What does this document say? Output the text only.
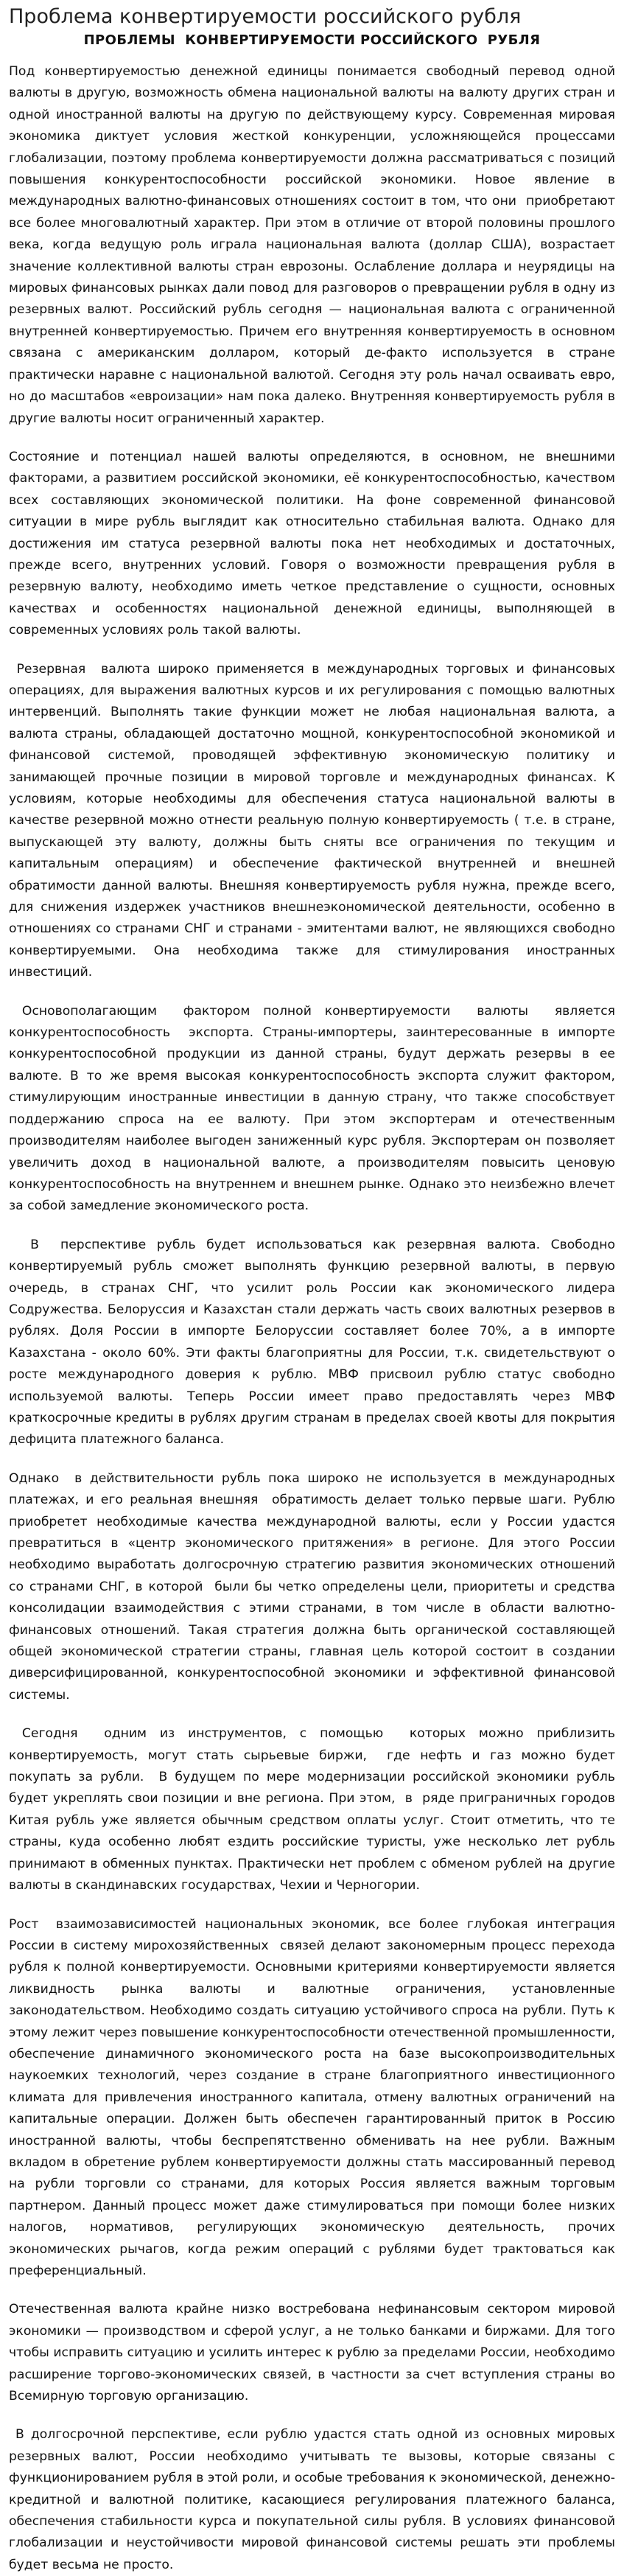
Проблема конвертируемости российского рубля
ПРОБЛЕМЫ  КОНВЕРТИРУЕМОСТИ РОССИЙСКОГО  РУБЛЯ

Под конвертируемостью денежной единицы понимается свободный перевод одной валюты в другую, возможность обмена национальной валюты на валюту других стран и одной иностранной валюты на другую по действующему курсу. Современная мировая экономика диктует условия жесткой конкуренции, усложняющейся процессами глобализации, поэтому проблема конвертируемости должна рассматриваться с позиций повышения конкурентоспособности российской экономики. Новое явление в международных валютно-финансовых отношениях состоит в том, что они  приобретают все более многовалютный характер. При этом в отличие от второй половины прошлого века, когда ведущую роль играла национальная валюта (доллар США), возрастает значение коллективной валюты стран еврозоны. Ослабление доллара и неурядицы на мировых финансовых рынках дали повод для разговоров о превращении рубля в одну из резервных валют. Российский рубль сегодня — национальная валюта с ограниченной внутренней конвертируемостью. Причем его внутренняя конвертируемость в основном связана с американским долларом, который де-факто используется в стране практически наравне с национальной валютой. Сегодня эту роль начал осваивать евро, но до масштабов «евроизации» нам пока далеко. Внутренняя конвертируемость рубля в другие валюты носит ограниченный характер.

Состояние и потенциал нашей валюты определяются, в основном, не внешними факторами, а развитием российской экономики, её конкурентоспособностью, качеством всех составляющих экономической политики. На фоне современной финансовой ситуации в мире рубль выглядит как относительно стабильная валюта. Однако для достижения им статуса резервной валюты пока нет необходимых и достаточных, прежде всего, внутренних условий. Говоря о возможности превращения рубля в резервную валюту, необходимо иметь четкое представление о сущности, основных качествах и особенностях национальной денежной единицы, выполняющей в современных условиях роль такой валюты.

Резервная  валюта широко применяется в международных торговых и финансовых операциях, для выражения валютных курсов и их регулирования с помощью валютных интервенций. Выполнять такие функции может не любая национальная валюта, а валюта страны, обладающей достаточно мощной, конкурентоспособной экономикой и финансовой системой, проводящей эффективную экономическую политику и занимающей прочные позиции в мировой торговле и международных финансах. К условиям, которые необходимы для обеспечения статуса национальной валюты в качестве резервной можно отнести реальную полную конвертируемость ( т.е. в стране, выпускающей эту валюту, должны быть сняты все ограничения по текущим и капитальным операциям) и обеспечение фактической внутренней и внешней обратимости данной валюты. Внешняя конвертируемость рубля нужна, прежде всего, для снижения издержек участников внешнеэкономической деятельности, особенно в отношениях со странами СНГ и странами - эмитентами валют, не являющихся свободно конвертируемыми. Она необходима также для стимулирования иностранных инвестиций.

Основополагающим  фактором полной конвертируемости  валюты  является конкурентоспособность  экспорта. Страны-импортеры, заинтересованные в импорте конкурентоспособной продукции из данной страны, будут держать резервы в ее валюте. В то же время высокая конкурентоспособность экспорта служит фактором, стимулирующим иностранные инвестиции в данную страну, что также способствует поддержанию спроса на ее валюту. При этом экспортерам и отечественным производителям наиболее выгоден заниженный курс рубля. Экспортерам он позволяет увеличить доход в национальной валюте, а производителям повысить ценовую конкурентоспособность на внутреннем и внешнем рынке. Однако это неизбежно влечет за собой замедление экономического роста.

В  перспективе рубль будет использоваться как резервная валюта. Свободно конвертируемый рубль сможет выполнять функцию резервной валюты, в первую очередь, в странах СНГ, что усилит роль России как экономического лидера Содружества. Белоруссия и Казахстан стали держать часть своих валютных резервов в рублях. Доля России в импорте Белоруссии составляет более 70%, а в импорте Казахстана - около 60%. Эти факты благоприятны для России, т.к. свидетельствуют о росте международного доверия к рублю. МВФ присвоил рублю статус свободно используемой валюты. Теперь России имеет право предоставлять через МВФ краткосрочные кредиты в рублях другим странам в пределах своей квоты для покрытия дефицита платежного баланса.

Однако  в действительности рубль пока широко не используется в международных платежах, и его реальная внешняя  обратимость делает только первые шаги. Рублю приобретет необходимые качества международной валюты, если у России удастся превратиться в «центр экономического притяжения» в регионе. Для этого России необходимо выработать долгосрочную стратегию развития экономических отношений со странами СНГ, в которой  были бы четко определены цели, приоритеты и средства консолидации взаимодействия с этими странами, в том числе в области валютно-финансовых отношений. Такая стратегия должна быть органической составляющей общей экономической стратегии страны, главная цель которой состоит в создании диверсифицированной, конкурентоспособной экономики и эффективной финансовой системы.

Сегодня  одним из инструментов, с помощью  которых можно приблизить конвертируемость, могут стать сырьевые биржи,  где нефть и газ можно будет покупать за рубли.  В будущем по мере модернизации российской экономики рубль будет укреплять свои позиции и вне региона. При этом,  в  ряде приграничных городов Китая рубль уже является обычным средством оплаты услуг. Стоит отметить, что те страны, куда особенно любят ездить российские туристы, уже несколько лет рубль принимают в обменных пунктах. Практически нет проблем с обменом рублей на другие валюты в скандинавских государствах, Чехии и Черногории.

Рост  взаимозависимостей национальных экономик, все более глубокая интеграция России в систему мирохозяйственных  связей делают закономерным процесс перехода рубля к полной конвертируемости. Основными критериями конвертируемости является ликвидность рынка валюты и валютные ограничения, установленные законодательством. Необходимо создать ситуацию устойчивого спроса на рубли. Путь к этому лежит через повышение конкурентоспособности отечественной промышленности, обеспечение динамичного экономического роста на базе высокопроизводительных наукоемких технологий, через создание в стране благоприятного инвестиционного климата для привлечения иностранного капитала, отмену валютных ограничений на капитальные операции. Должен быть обеспечен гарантированный приток в Россию иностранной валюты, чтобы беспрепятственно обменивать на нее рубли. Важным вкладом в обретение рублем конвертируемости должны стать массированный перевод на рубли торговли со странами, для которых Россия является важным торговым партнером. Данный процесс может даже стимулироваться при помощи более низких налогов, нормативов, регулирующих экономическую деятельность, прочих экономических рычагов, когда режим операций с рублями будет трактоваться как преференциальный.

Отечественная валюта крайне низко востребована нефинансовым сектором мировой экономики — производством и сферой услуг, а не только банками и биржами. Для того чтобы исправить ситуацию и усилить интерес к рублю за пределами России, необходимо расширение торгово-экономических связей, в частности за счет вступления страны во Всемирную торговую организацию.

В долгосрочной перспективе, если рублю удастся стать одной из основных мировых резервных валют, России необходимо учитывать те вызовы, которые связаны с функционированием рубля в этой роли, и особые требования к экономической, денежно-кредитной и валютной политике, касающиеся регулирования платежного баланса, обеспечения стабильности курса и покупательной силы рубля. В условиях финансовой глобализации и неустойчивости мировой финансовой системы решать эти проблемы будет весьма не просто.
